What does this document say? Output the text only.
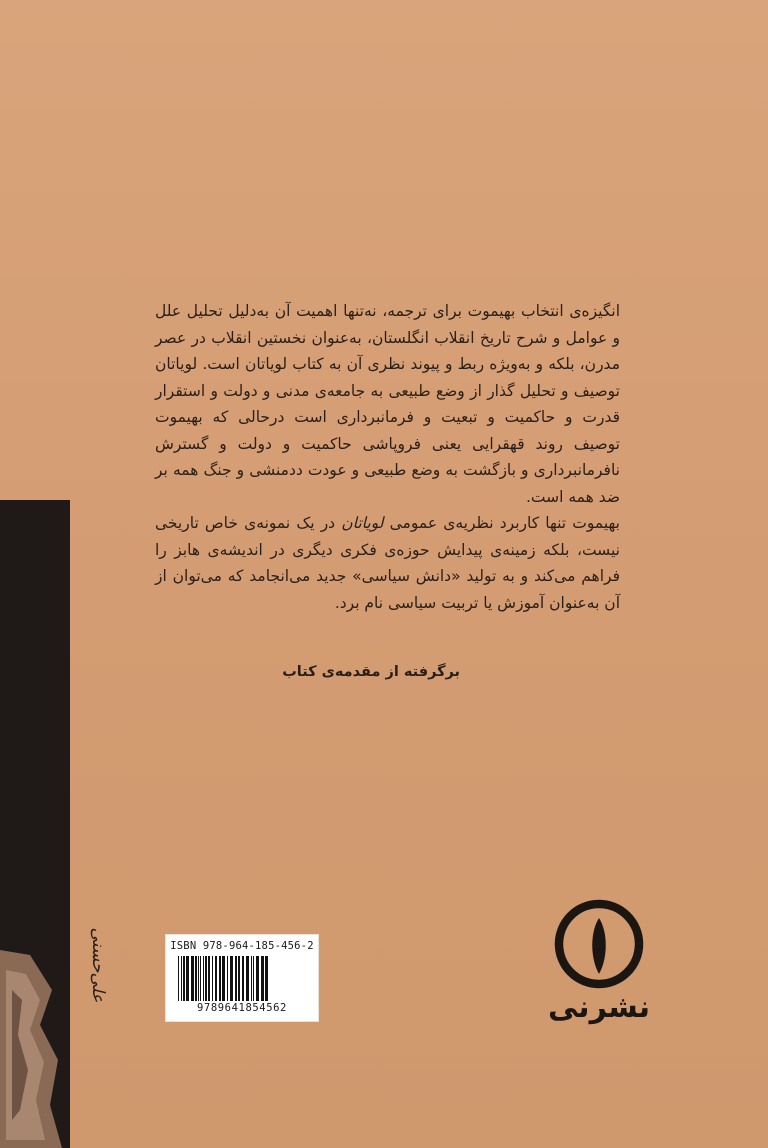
علی‌حسنی

انگیزه‌ی انتخاب بهیموت برای ترجمه، نه‌تنها اهمیت آن به‌دلیل تحلیل علل و عوامل و شرح تاریخ انقلاب انگلستان، به‌عنوان نخستین انقلاب در عصر مدرن، بلکه و به‌ویژه ربط و پیوند نظری آن به کتاب لویاتان است. لویاتان توصیف و تحلیل گذار از وضع طبیعی به جامعه‌ی مدنی و دولت و استقرار قدرت و حاکمیت و تبعیت و فرمانبرداری است درحالی که بهیموت توصیف روند قهقرایی یعنی فروپاشی حاکمیت و دولت و گسترش نافرمانبرداری و بازگشت به وضع طبیعی و عودت ددمنشی و جنگ همه بر ضد همه است.

بهیموت تنها کاربرد نظریه‌ی عمومی لویاتان در یک نمونه‌ی خاص تاریخی نیست، بلکه زمینه‌ی پیدایش حوزه‌ی فکری دیگری در اندیشه‌ی هابز را فراهم می‌کند و به تولید «دانش سیاسی» جدید می‌انجامد که می‌توان از آن به‌عنوان آموزش یا تربیت سیاسی نام برد.

برگرفته از مقدمه‌ی کتاب
ISBN 978-964-185-456-2
9789641854562	نشرنی
